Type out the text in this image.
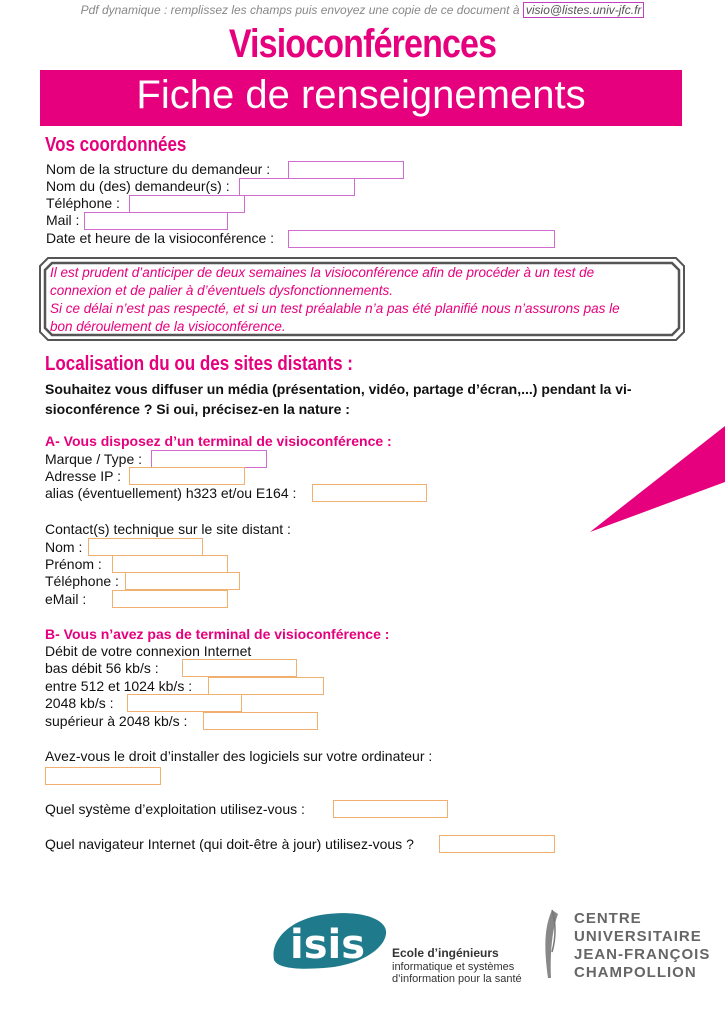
Pdf dynamique : remplissez les champs puis envoyez une copie de ce document à visio@listes.univ-jfc.fr
Visioconférences
Fiche de renseignements
Vos coordonnées
Nom de la structure du demandeur :
Nom du (des) demandeur(s) :
Téléphone :
Mail :
Date et heure de la visioconférence :
Il est prudent d’anticiper de deux semaines la visioconférence afin de procéder à un test de
connexion et de palier à d’éventuels dysfonctionnements.
Si ce délai n’est pas respecté, et si un test préalable n’a pas été planifié nous n’assurons pas le
bon déroulement de la visioconférence.
Localisation du ou des sites distants :
Souhaitez vous diffuser un média (présentation, vidéo, partage d’écran,...) pendant la vi-
sioconférence ? Si oui, précisez-en la nature :
A- Vous disposez d’un terminal de visioconférence :
Marque / Type :
Adresse IP :
alias (éventuellement) h323 et/ou E164 :
Contact(s) technique sur le site distant :
Nom :
Prénom :
Téléphone :
eMail :
B- Vous n’avez pas de terminal de visioconférence :
Débit de votre connexion Internet
bas débit 56 kb/s :
entre 512 et 1024 kb/s :
2048 kb/s :
supérieur à 2048 kb/s :
Avez-vous le droit d’installer des logiciels sur votre ordinateur :
Quel système d’exploitation utilisez-vous :
Quel navigateur Internet (qui doit-être à jour) utilisez-vous ?
isis Ecole d’ingénieurs
informatique et systèmes
d’information pour la santé
CENTRE
UNIVERSITAIRE
JEAN-FRANÇOIS
CHAMPOLLION
